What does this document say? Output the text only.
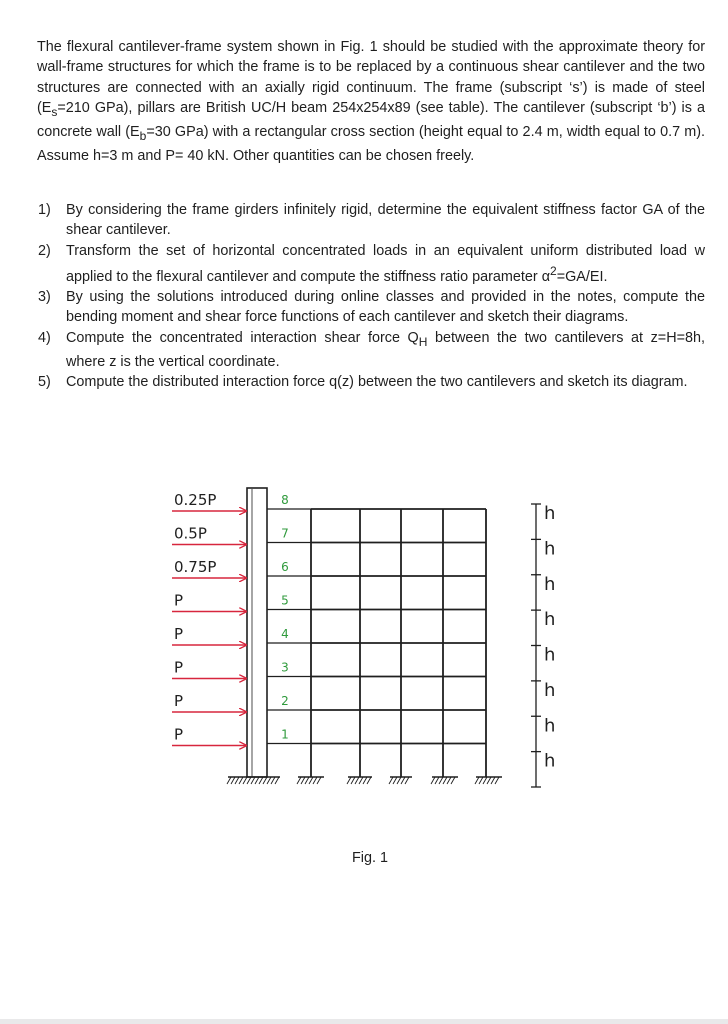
The flexural cantilever-frame system shown in Fig. 1 should be studied with the approximate theory for wall-frame structures for which the frame is to be replaced by a continuous shear cantilever and the two structures are connected with an axially rigid continuum. The frame (subscript ‘s’) is made of steel ($E_s=210$ GPa), pillars are British UC/H beam 254x254x89 (see table). The cantilever (subscript ‘b’) is a concrete wall ($E_b=30$ GPa) with a rectangular cross section (height equal to 2.4 m, width equal to 0.7 m). Assume h=3 m and P= 40 kN. Other quantities can be chosen freely.

1) By considering the frame girders infinitely rigid, determine the equivalent stiffness factor GA of the shear cantilever.
2) Transform the set of horizontal concentrated loads in an equivalent uniform distributed load w applied to the flexural cantilever and compute the stiffness ratio parameter $\alpha^2=GA/EI$.
3) By using the solutions introduced during online classes and provided in the notes, compute the bending moment and shear force functions of each cantilever and sketch their diagrams.
4) Compute the concentrated interaction shear force $Q_H$ between the two cantilevers at z=H=8h, where z is the vertical coordinate.
5) Compute the distributed interaction force q(z) between the two cantilevers and sketch its diagram.
0.25P
0.5P
0.75P
P
P
P
P
P
8
7
6
5
4
3
2
1
h
h
h
h
h
h
h
h
Fig. 1
